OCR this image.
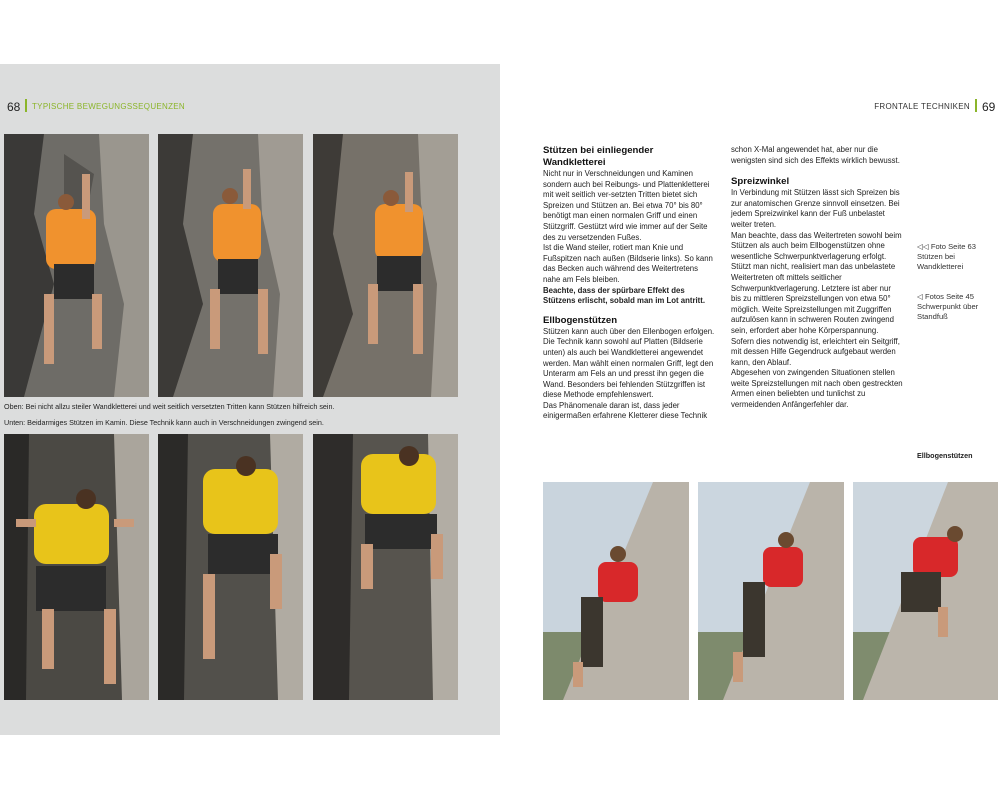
68 TYPISCHE BEWEGUNGSSEQUENZEN
Oben: Bei nicht allzu steiler Wandkletterei und weit seitlich versetzten Tritten kann Stützen hilfreich sein.
Unten: Beidarmiges Stützen im Kamin. Diese Technik kann auch in Verschneidungen zwingend sein.
FRONTALE TECHNIKEN 69
Stützen bei einliegender Wandkletterei

Nicht nur in Verschneidungen und Kaminen sondern auch bei Reibungs- und Plattenkletterei mit weit seitlich ver-setzten Tritten bietet sich Spreizen und Stützen an. Bei etwa 70° bis 80° benötigt man einen normalen Griff und einen Stützgriff. Gestützt wird wie immer auf der Seite des zu versetzenden Fußes.

Ist die Wand steiler, rotiert man Knie und Fußspitzen nach außen (Bildserie links). So kann das Becken auch während des Weitertretens nahe am Fels bleiben.

Beachte, dass der spürbare Effekt des Stützens erlischt, sobald man im Lot antritt.

Ellbogenstützen

Stützen kann auch über den Ellenbogen erfolgen. Die Technik kann sowohl auf Platten (Bildserie unten) als auch bei Wandkletterei angewendet werden. Man wählt einen normalen Griff, legt den Unterarm am Fels an und presst ihn gegen die Wand. Besonders bei fehlenden Stützgriffen ist diese Methode empfehlenswert.

Das Phänomenale daran ist, dass jeder einigermaßen erfahrene Kletterer diese Technik

schon X-Mal angewendet hat, aber nur die wenigsten sind sich des Effekts wirklich bewusst.

Spreizwinkel

In Verbindung mit Stützen lässt sich Spreizen bis zur anatomischen Grenze sinnvoll einsetzen. Bei jedem Spreizwinkel kann der Fuß unbelastet weiter treten.

Man beachte, dass das Weitertreten sowohl beim Stützen als auch beim Ellbogenstützen ohne wesentliche Schwerpunktverlagerung erfolgt.

Stützt man nicht, realisiert man das unbelastete Weitertreten oft mittels seitlicher Schwerpunktverlagerung. Letztere ist aber nur bis zu mittleren Spreizstellungen von etwa 50° möglich. Weite Spreizstellungen mit Zuggriffen aufzulösen kann in schweren Routen zwingend sein, erfordert aber hohe Körperspannung. Sofern dies notwendig ist, erleichtert ein Seitgriff, mit dessen Hilfe Gegendruck aufgebaut werden kann, den Ablauf.

Abgesehen von zwingenden Situationen stellen weite Spreizstellungen mit nach oben gestreckten Armen einen beliebten und tunlichst zu vermeidenden Anfängerfehler dar.

◁◁ Foto Seite 63 Stützen bei Wandkletterei
◁ Fotos Seite 45 Schwerpunkt über Standfuß
Ellbogenstützen
